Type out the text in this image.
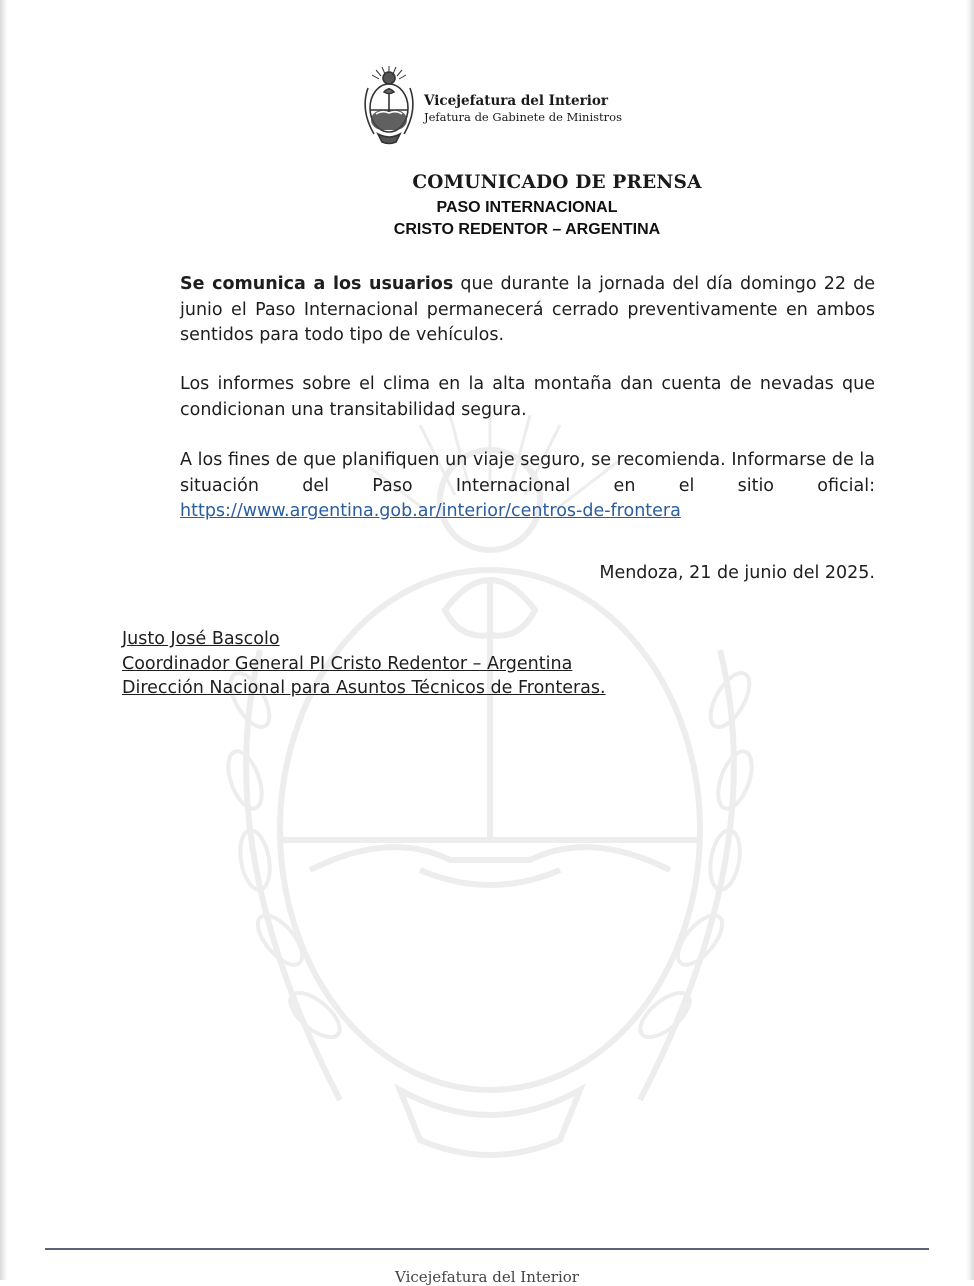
Vicejefatura del Interior
Jefatura de Gabinete de Ministros
COMUNICADO DE PRENSA
PASO INTERNACIONAL
CRISTO REDENTOR – ARGENTINA
Se comunica a los usuarios que durante la jornada del día domingo 22 de junio el Paso Internacional permanecerá cerrado preventivamente en ambos sentidos para todo tipo de vehículos.
Los informes sobre el clima en la alta montaña dan cuenta de nevadas que condicionan una transitabilidad segura.
A los fines de que planifiquen un viaje seguro, se recomienda. Informarse de la situación del Paso Internacional en el sitio oficial: https://www.argentina.gob.ar/interior/centros-de-frontera
Mendoza, 21 de junio del 2025.
Justo José Bascolo
Coordinador General PI Cristo Redentor – Argentina
Dirección Nacional para Asuntos Técnicos de Fronteras.
Vicejefatura del Interior
